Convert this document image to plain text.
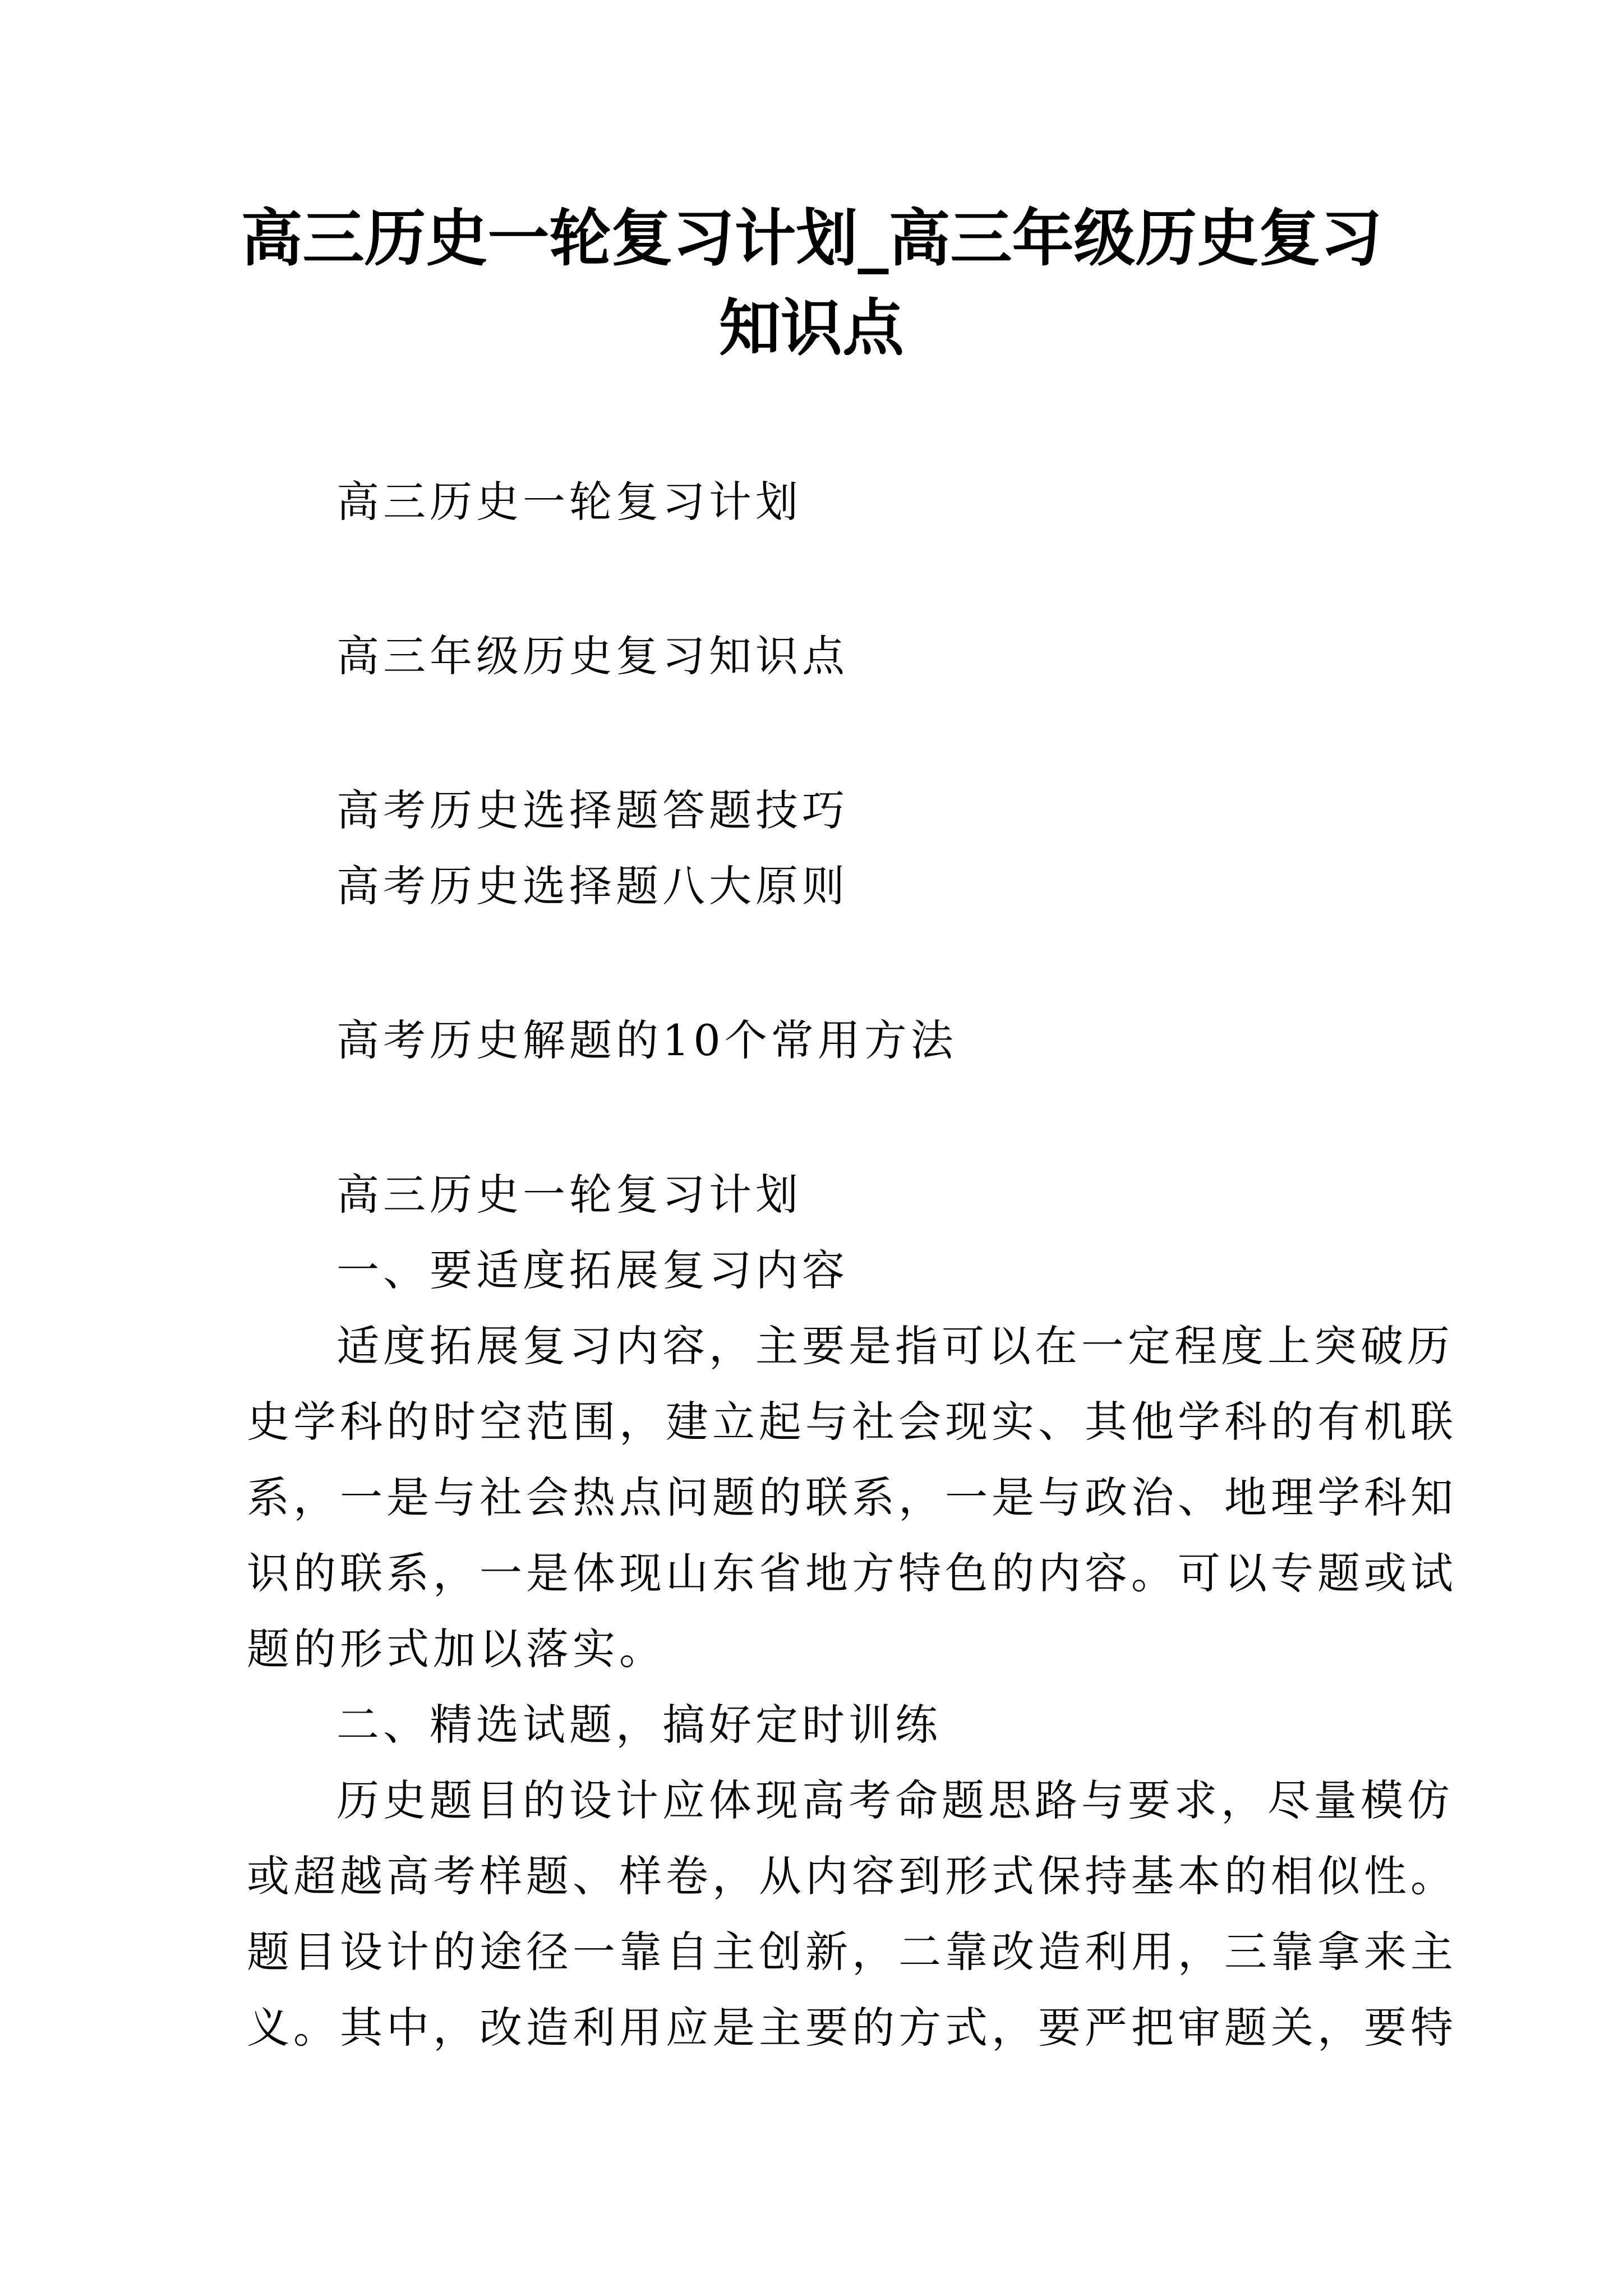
高三历史一轮复习计划_高三年级历史复习
知识点
高三历史一轮复习计划
高三年级历史复习知识点
高考历史选择题答题技巧
高考历史选择题八大原则
高考历史解题的10个常用方法
高三历史一轮复习计划
一、要适度拓展复习内容
适度拓展复习内容，主要是指可以在一定程度上突破历
史学科的时空范围，建立起与社会现实、其他学科的有机联
系，一是与社会热点问题的联系，一是与政治、地理学科知
识的联系，一是体现山东省地方特色的内容。可以专题或试
题的形式加以落实。
二、精选试题，搞好定时训练
历史题目的设计应体现高考命题思路与要求，尽量模仿
或超越高考样题、样卷，从内容到形式保持基本的相似性。
题目设计的途径一靠自主创新，二靠改造利用，三靠拿来主
义。其中，改造利用应是主要的方式，要严把审题关，要特
